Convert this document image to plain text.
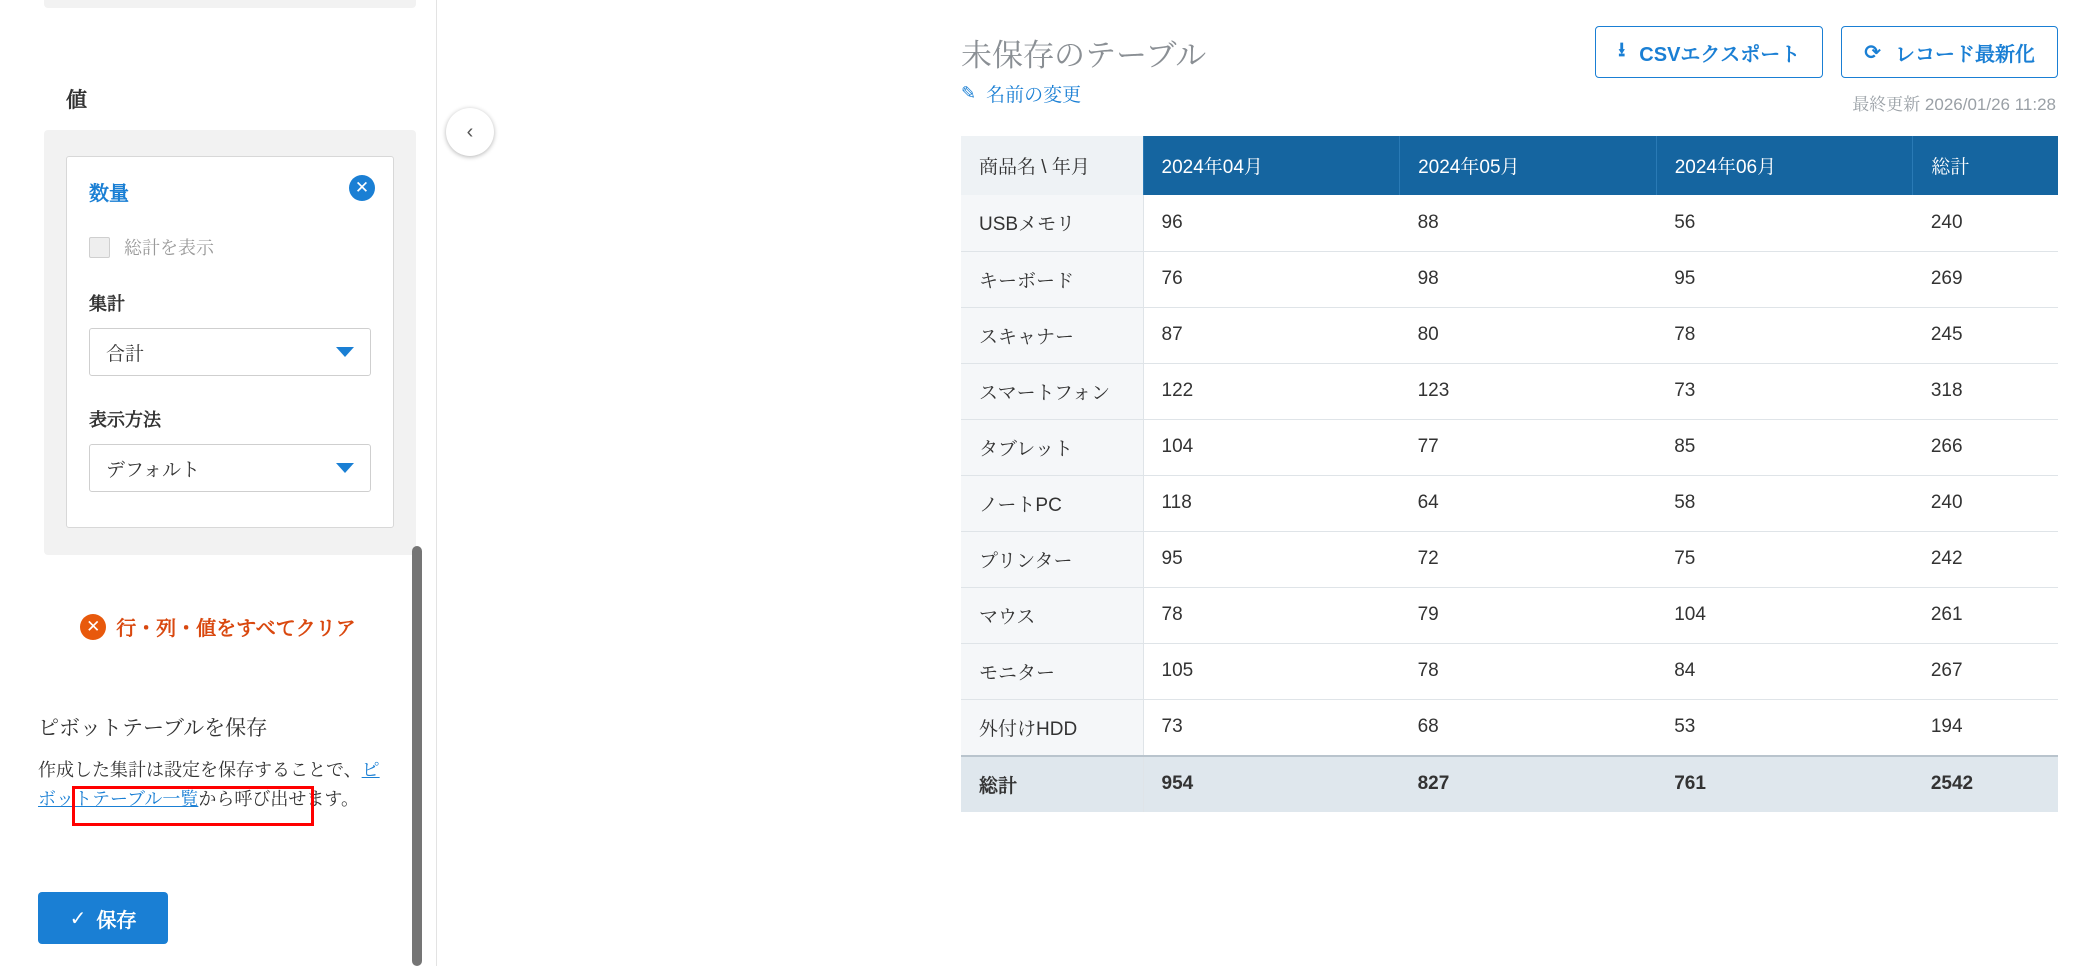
値
数量	✕
総計を表示
集計
合計
表示方法
デフォルト
✕ 行・列・値をすべてクリア
ピボットテーブルを保存
作成した集計は設定を保存することで、ピボットテーブル一覧から呼び出せます。
✓ 保存
‹
未保存のテーブル
✎ 名前の変更
⭳ CSVエクスポート	⟳ レコード最新化
最終更新 2026/01/26 11:28
商品名 \ 年月	2024年04月	2024年05月	2024年06月	総計
USBメモリ	96	88	56	240
キーボード	76	98	95	269
スキャナー	87	80	78	245
スマートフォン	122	123	73	318
タブレット	104	77	85	266
ノートPC	118	64	58	240
プリンター	95	72	75	242
マウス	78	79	104	261
モニター	105	78	84	267
外付けHDD	73	68	53	194
総計	954	827	761	2542
